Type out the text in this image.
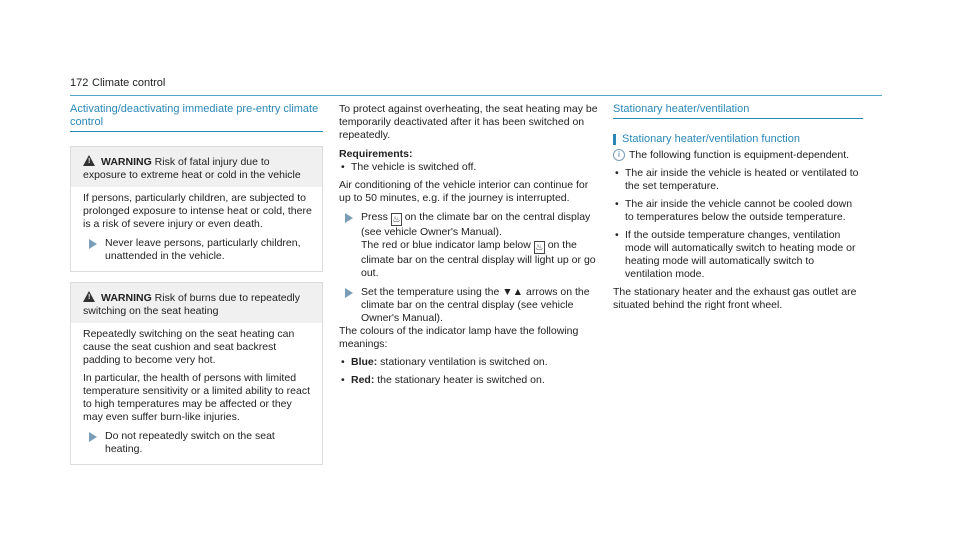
172 Climate control
Activating/deactivating immediate pre-entry climate control
! WARNING Risk of fatal injury due to exposure to extreme heat or cold in the vehicle

If persons, particularly children, are subjected to prolonged exposure to intense heat or cold, there is a risk of severe injury or even death.

Never leave persons, particularly children, unattended in the vehicle.
! WARNING Risk of burns due to repeatedly switching on the seat heating

Repeatedly switching on the seat heating can cause the seat cushion and seat backrest padding to become very hot.

In particular, the health of persons with limited temperature sensitivity or a limited ability to react to high temperatures may be affected or they may even suffer burn-like injuries.

Do not repeatedly switch on the seat heating.

To protect against overheating, the seat heating may be temporarily deactivated after it has been switched on repeatedly.

Requirements:

• The vehicle is switched off.

Air conditioning of the vehicle interior can continue for up to 50 minutes, e.g. if the journey is interrupted.

Press ♨ on the climate bar on the central display (see vehicle Owner's Manual).
The red or blue indicator lamp below ♨ on the climate bar on the central display will light up or go out.
Set the temperature using the ▼▲ arrows on the climate bar on the central display (see vehicle Owner's Manual).

The colours of the indicator lamp have the following meanings:

• Blue: stationary ventilation is switched on.

• Red: the stationary heater is switched on.

Stationary heater/ventilation
Stationary heater/ventilation function

i The following function is equipment-dependent.

• The air inside the vehicle is heated or ventilated to the set temperature.

• The air inside the vehicle cannot be cooled down to temperatures below the outside temperature.

• If the outside temperature changes, ventilation mode will automatically switch to heating mode or heating mode will automatically switch to ventilation mode.

The stationary heater and the exhaust gas outlet are situated behind the right front wheel.
